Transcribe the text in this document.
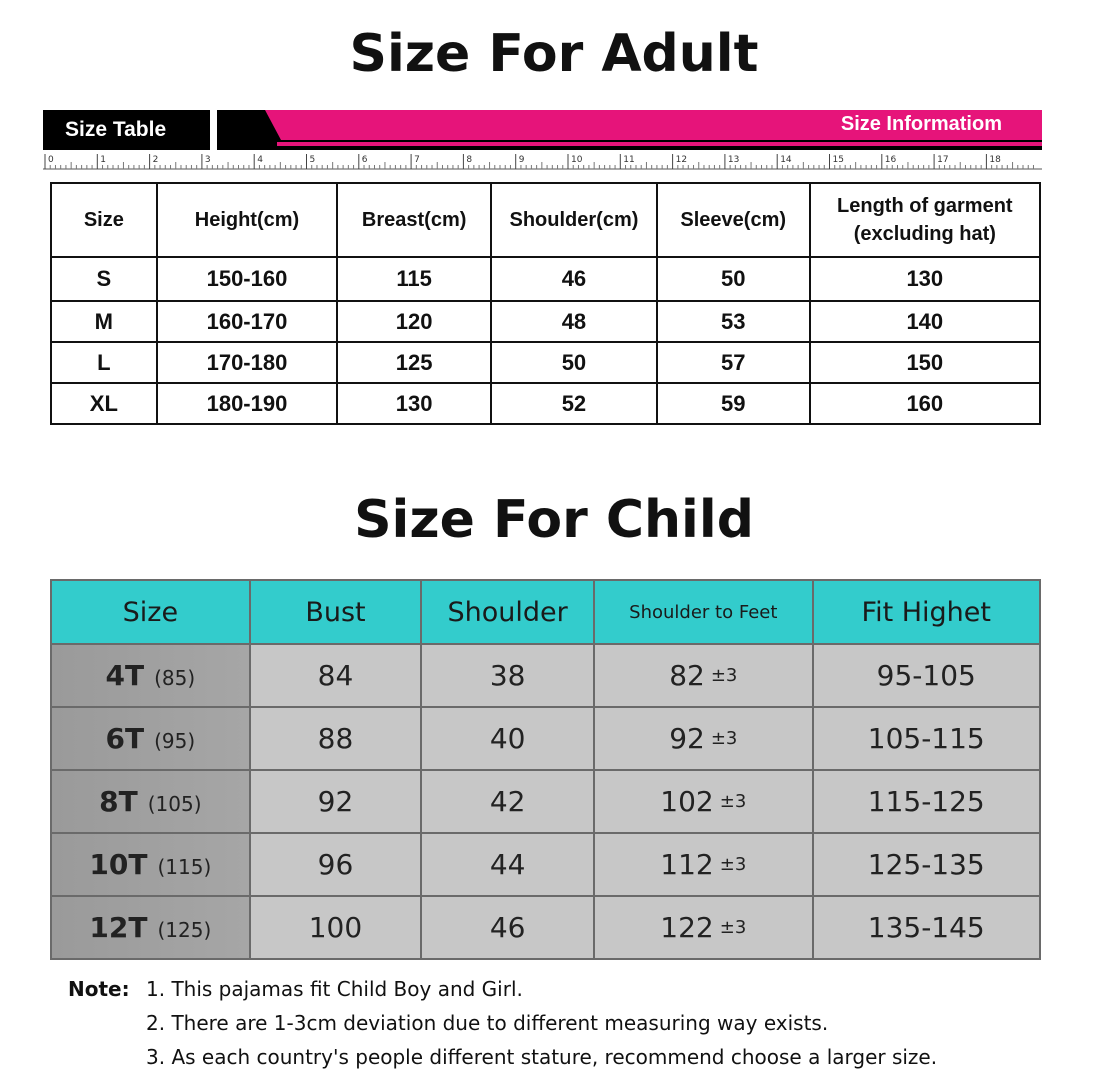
Size For Adult
Size Table	Size Informatiom
0	1	2	3	4	5	6	7	8	9	10	11	12	13	14	15	16	17	18
Size	Height(cm)	Breast(cm)	Shoulder(cm)	Sleeve(cm)	Length of garment
(excluding hat)
S	150-160	115	46	50	130
M	160-170	120	48	53	140
L	170-180	125	50	57	150
XL	180-190	130	52	59	160
Size For Child
Size	Bust	Shoulder	Shoulder to Feet	Fit Highet
4T (85)	84	38	82 ±3	95-105
6T (95)	88	40	92 ±3	105-115
8T (105)	92	42	102 ±3	115-125
10T (115)	96	44	112 ±3	125-135
12T (125)	100	46	122 ±3	135-145
Note: 1. This pajamas fit Child Boy and Girl.
2. There are 1-3cm deviation due to different measuring way exists.
3. As each country's people different stature, recommend choose a larger size.
